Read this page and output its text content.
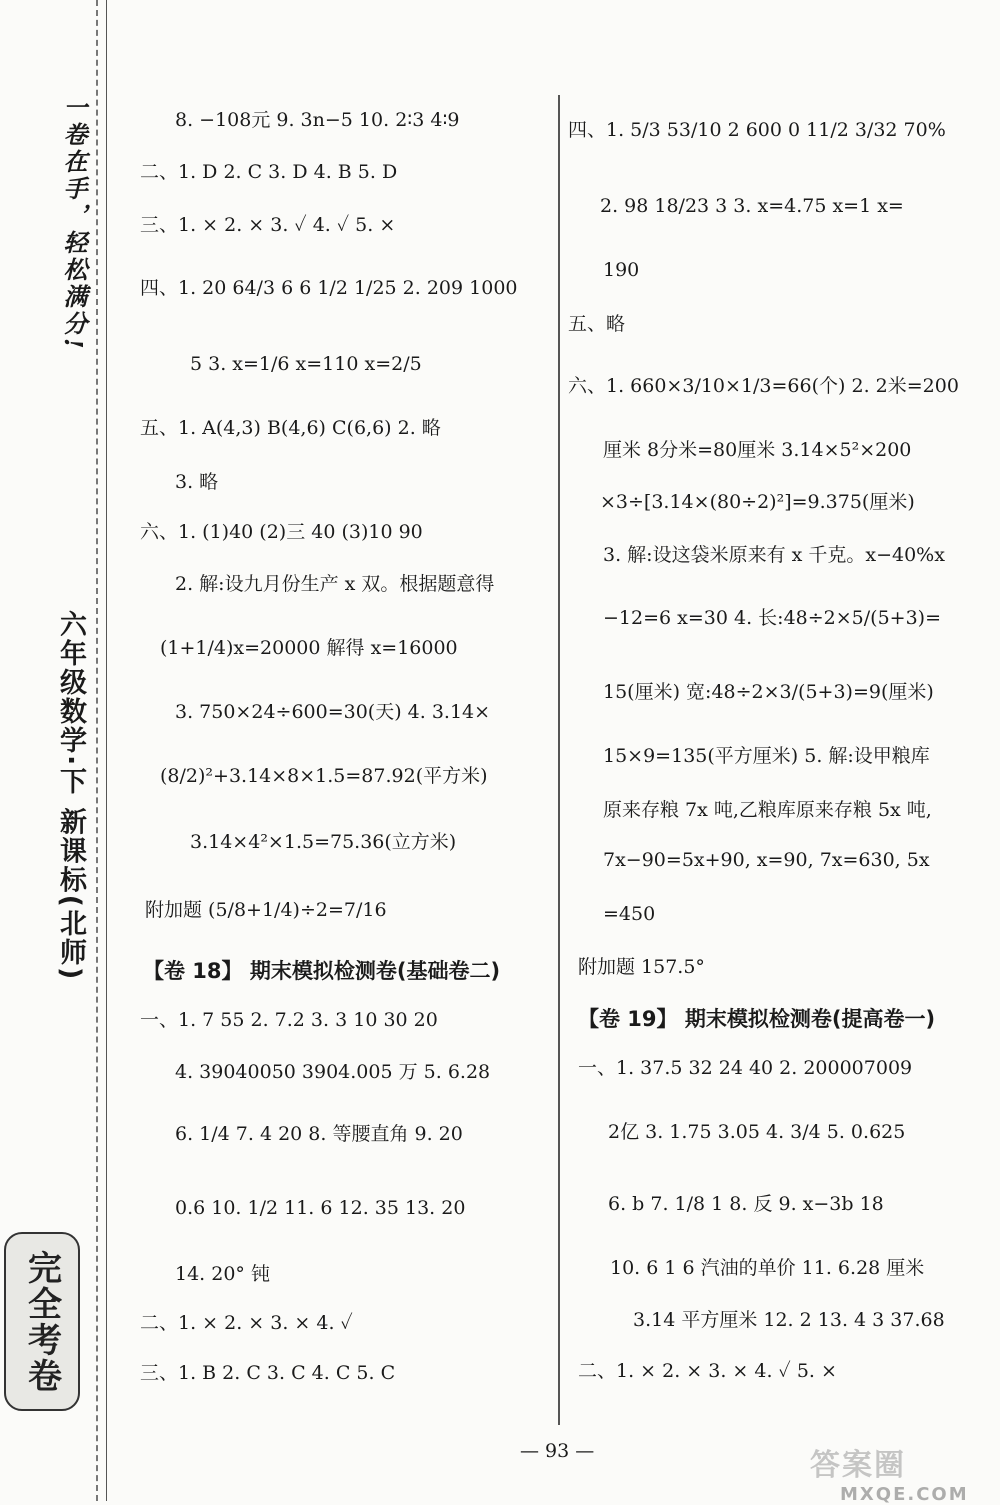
一卷在手，轻松满分!
六年级数学·下 新课标(北师)
完全考卷
8. −108元 9. 3n−5 10. 2∶3 4∶9
二、1. D 2. C 3. D 4. B 5. D
三、1. × 2. × 3. ✓ 4. ✓ 5. ×
四、1. 20 64/3 6 6 1/2 1/25 2. 209 1000
5 3. x=1/6 x=110 x=2/5
五、1. A(4,3) B(4,6) C(6,6) 2. 略
3. 略
六、1. (1)40 (2)三 40 (3)10 90
2. 解:设九月份生产 x 双。根据题意得
(1+1/4)x=20000 解得 x=16000
3. 750×24÷600=30(天) 4. 3.14×
(8/2)²+3.14×8×1.5=87.92(平方米)
3.14×4²×1.5=75.36(立方米)
附加题 (5/8+1/4)÷2=7/16
【卷 18】 期末模拟检测卷(基础卷二)
一、1. 7 55 2. 7.2 3. 3 10 30 20
4. 39040050 3904.005 万 5. 6.28
6. 1/4 7. 4 20 8. 等腰直角 9. 20
0.6 10. 1/2 11. 6 12. 35 13. 20
14. 20° 钝
二、1. × 2. × 3. × 4. ✓
三、1. B 2. C 3. C 4. C 5. C
四、1. 5/3 53/10 2 600 0 11/2 3/32 70%
2. 98 18/23 3 3. x=4.75 x=1 x=
190
五、略
六、1. 660×3/10×1/3=66(个) 2. 2米=200
厘米 8分米=80厘米 3.14×5²×200
×3÷[3.14×(80÷2)²]=9.375(厘米)
3. 解:设这袋米原来有 x 千克。x−40%x
−12=6 x=30 4. 长:48÷2×5/(5+3)=
15(厘米) 宽:48÷2×3/(5+3)=9(厘米)
15×9=135(平方厘米) 5. 解:设甲粮库
原来存粮 7x 吨,乙粮库原来存粮 5x 吨,
7x−90=5x+90, x=90, 7x=630, 5x
=450
附加题 157.5°
【卷 19】 期末模拟检测卷(提高卷一)
一、1. 37.5 32 24 40 2. 200007009
2亿 3. 1.75 3.05 4. 3/4 5. 0.625
6. b 7. 1/8 1 8. 反 9. x−3b 18
10. 6 1 6 汽油的单价 11. 6.28 厘米
3.14 平方厘米 12. 2 13. 4 3 37.68
二、1. × 2. × 3. × 4. ✓ 5. ×
— 93 —	答案圈
MXQE.COM
